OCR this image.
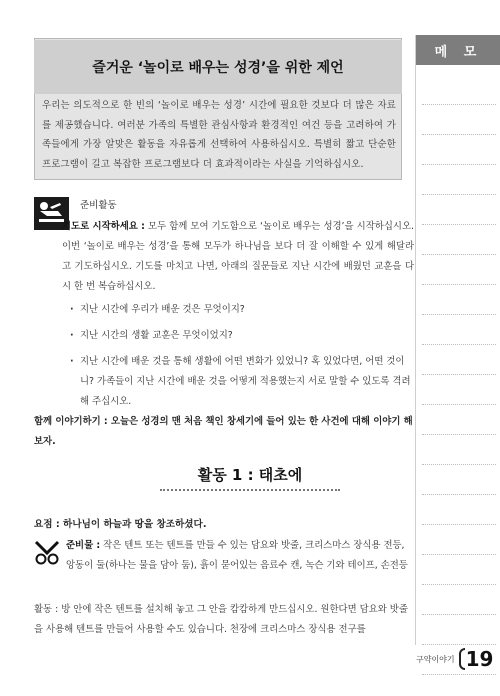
메 모
즐거운 ‘놀이로 배우는 성경’을 위한 제언
우리는 의도적으로 한 빈의 ‘놀이로 배우는 성경’ 시간에 필요한 것보다 더 많은 자료를 제공했습니다. 여러분 가족의 특별한 관심사항과 환경적인 여건 등을 고려하여 가족들에게 가장 알맞은 활동을 자유롭게 선택하여 사용하십시오. 특별히 짧고 단순한 프로그램이 길고 복잡한 프로그램보다 더 효과적이라는 사실을 기억하십시오.
준비활동
기도로 시작하세요 : 모두 함께 모여 기도함으로 ‘놀이로 배우는 성경’을 시작하십시오. 이번 ‘놀이로 배우는 성경’을 통해 모두가 하나님을 보다 더 잘 이해할 수 있게 해달라고 기도하십시오. 기도를 마치고 나면, 아래의 질문들로 지난 시간에 배웠던 교훈을 다시 한 번 복습하십시오.
· 지난 시간에 우리가 배운 것은 무엇이지?
· 지난 시간의 생활 교훈은 무엇이었지?
· 지난 시간에 배운 것을 통해 생활에 어떤 변화가 있었니? 혹 있었다면, 어떤 것이니? 가족들이 지난 시간에 배운 것을 어떻게 적용했는지 서로 말할 수 있도록 격려해 주십시오.
함께 이야기하기 : 오늘은 성경의 맨 처음 책인 창세기에 들어 있는 한 사건에 대해 이야기 해 보자.
활동 1 : 태초에
요점 : 하나님이 하늘과 땅을 창조하셨다.
준비물 : 작은 텐트 또는 텐트를 만들 수 있는 담요와 밧줄, 크리스마스 장식용 전등, 앙동이 둘(하나는 물을 담아 둠), 흙이 묻어있는 음료수 캔, 녹슨 기와 테이프, 손전등
활동 : 방 안에 작은 텐트를 설치해 놓고 그 안을 캄캄하게 만드십시오. 원한다면 담요와 밧줄을 사용해 텐트를 만들어 사용할 수도 있습니다. 천장에 크리스마스 장식용 전구를
구약이야기 19
